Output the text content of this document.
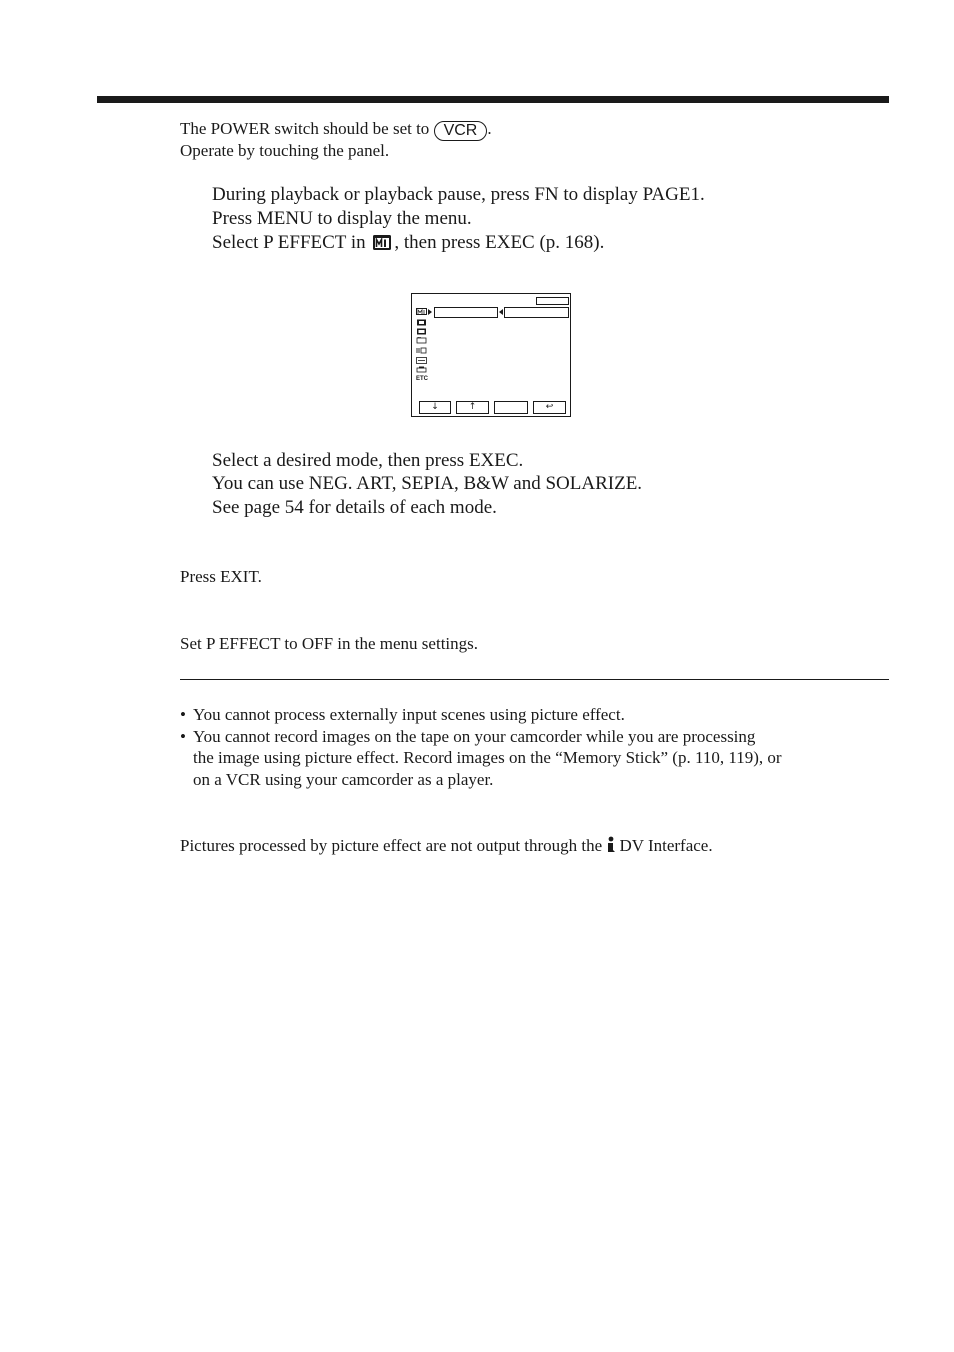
The POWER switch should be set to VCR .
Operate by touching the panel.
During playback or playback pause, press FN to display PAGE1.
Press MENU to display the menu.
Select P EFFECT in , then press EXEC (p. 168).
ETC
↓	↑	↩
Select a desired mode, then press EXEC.
You can use NEG. ART, SEPIA, B&W and SOLARIZE.
See page 54 for details of each mode.
Press EXIT.
Set P EFFECT to OFF in the menu settings.
• You cannot process externally input scenes using picture effect.
• You cannot record images on the tape on your camcorder while you are processing
the image using picture effect. Record images on the “Memory Stick” (p. 110, 119), or
on a VCR using your camcorder as a player.
Pictures processed by picture effect are not output through the DV Interface.
